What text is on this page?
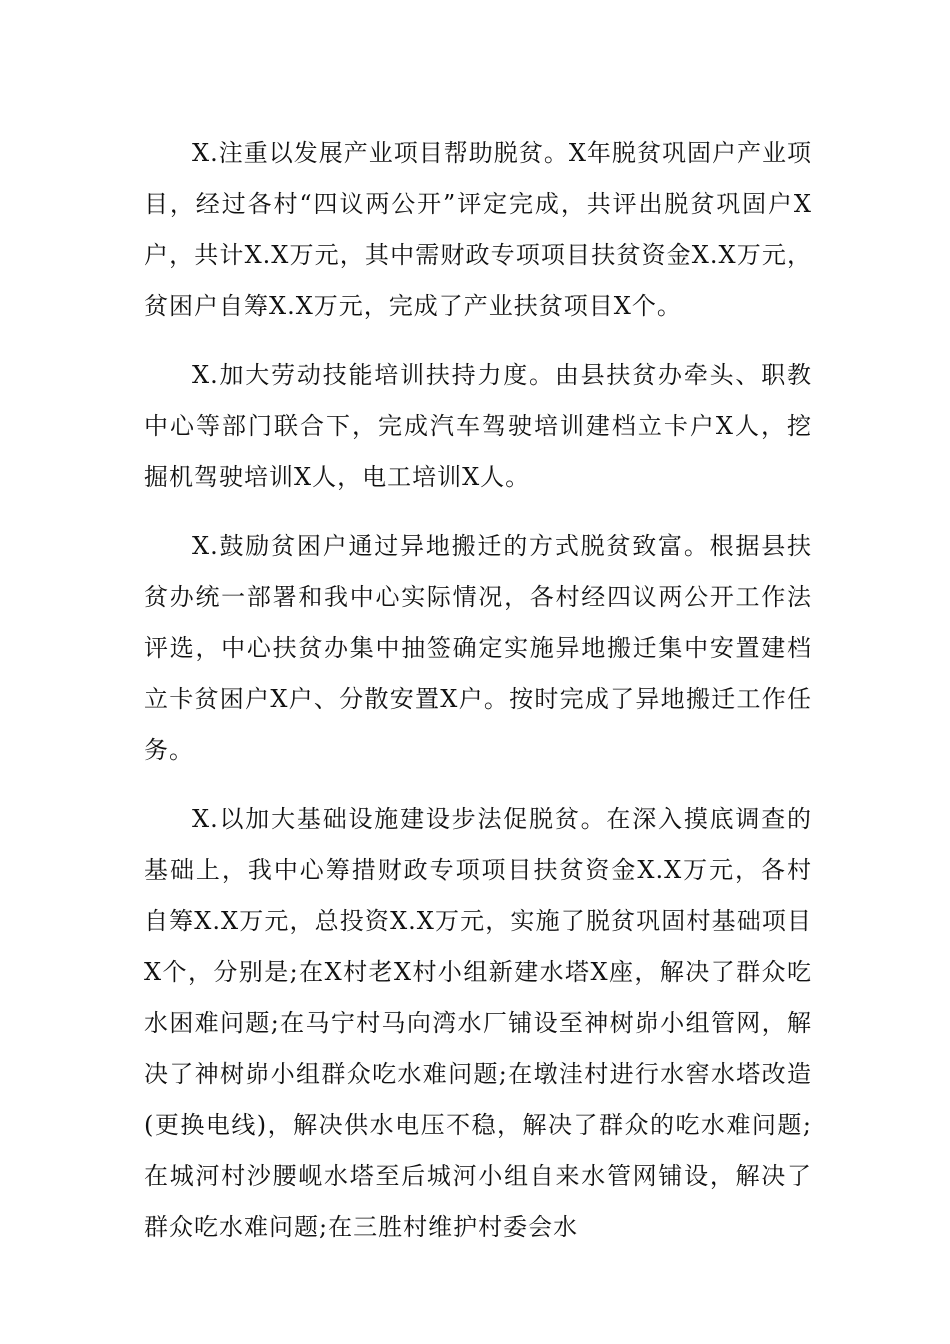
X.注重以发展产业项目帮助脱贫。X年脱贫巩固户产业项目，经过各村“四议两公开”评定完成，共评出脱贫巩固户X户，共计X.X万元，其中需财政专项项目扶贫资金X.X万元，贫困户自筹X.X万元，完成了产业扶贫项目X个。

X.加大劳动技能培训扶持力度。由县扶贫办牵头、职教中心等部门联合下，完成汽车驾驶培训建档立卡户X人，挖掘机驾驶培训X人，电工培训X人。

X.鼓励贫困户通过异地搬迁的方式脱贫致富。根据县扶贫办统一部署和我中心实际情况，各村经四议两公开工作法评选，中心扶贫办集中抽签确定实施异地搬迁集中安置建档立卡贫困户X户、分散安置X户。按时完成了异地搬迁工作任务。

X.以加大基础设施建设步法促脱贫。在深入摸底调查的基础上，我中心筹措财政专项项目扶贫资金X.X万元，各村自筹X.X万元，总投资X.X万元，实施了脱贫巩固村基础项目X个，分别是;在X村老X村小组新建水塔X座，解决了群众吃水困难问题;在马宁村马向湾水厂铺设至神树峁小组管网，解决了神树峁小组群众吃水难问题;在墩洼村进行水窖水塔改造(更换电线)，解决供水电压不稳，解决了群众的吃水难问题;在城河村沙腰岘水塔至后城河小组自来水管网铺设，解决了群众吃水难问题;在三胜村维护村委会水
